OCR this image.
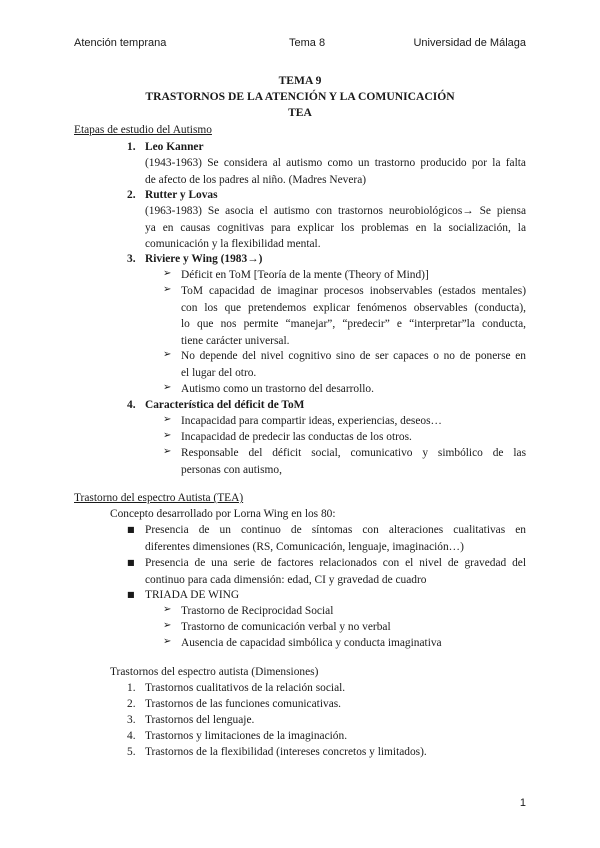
Atención temprana	Tema 8	Universidad de Málaga
TEMA 9
TRASTORNOS DE LA ATENCIÓN Y LA COMUNICACIÓN
TEA
Etapas de estudio del Autismo
1. Leo Kanner
(1943-1963) Se considera al autismo como un trastorno producido por la falta
de afecto de los padres al niño. (Madres Nevera)
2. Rutter y Lovas
(1963-1983) Se asocia el autismo con trastornos neurobiológicos→ Se piensa
ya en causas cognitivas para explicar los problemas en la socialización, la
comunicación y la flexibilidad mental.
3. Riviere y Wing (1983→)
➢ Déficit en ToM [Teoría de la mente (Theory of Mind)]
➢ ToM capacidad de imaginar procesos inobservables (estados mentales)
con los que pretendemos explicar fenómenos observables (conducta),
lo que nos permite “manejar”, “predecir” e “interpretar”la conducta,
tiene carácter universal.
➢ No depende del nivel cognitivo sino de ser capaces o no de ponerse en
el lugar del otro.
➢ Autismo como un trastorno del desarrollo.
4. Característica del déficit de ToM
➢ Incapacidad para compartir ideas, experiencias, deseos…
➢ Incapacidad de predecir las conductas de los otros.
➢ Responsable del déficit social, comunicativo y simbólico de las
personas con autismo,
Trastorno del espectro Autista (TEA)
Concepto desarrollado por Lorna Wing en los 80:
■ Presencia de un continuo de síntomas con alteraciones cualitativas en
diferentes dimensiones (RS, Comunicación, lenguaje, imaginación…)
■ Presencia de una serie de factores relacionados con el nivel de gravedad del
continuo para cada dimensión: edad, CI y gravedad de cuadro
■ TRIADA DE WING
➢ Trastorno de Reciprocidad Social
➢ Trastorno de comunicación verbal y no verbal
➢ Ausencia de capacidad simbólica y conducta imaginativa
Trastornos del espectro autista (Dimensiones)
1. Trastornos cualitativos de la relación social.
2. Trastornos de las funciones comunicativas.
3. Trastornos del lenguaje.
4. Trastornos y limitaciones de la imaginación.
5. Trastornos de la flexibilidad (intereses concretos y limitados).
1
